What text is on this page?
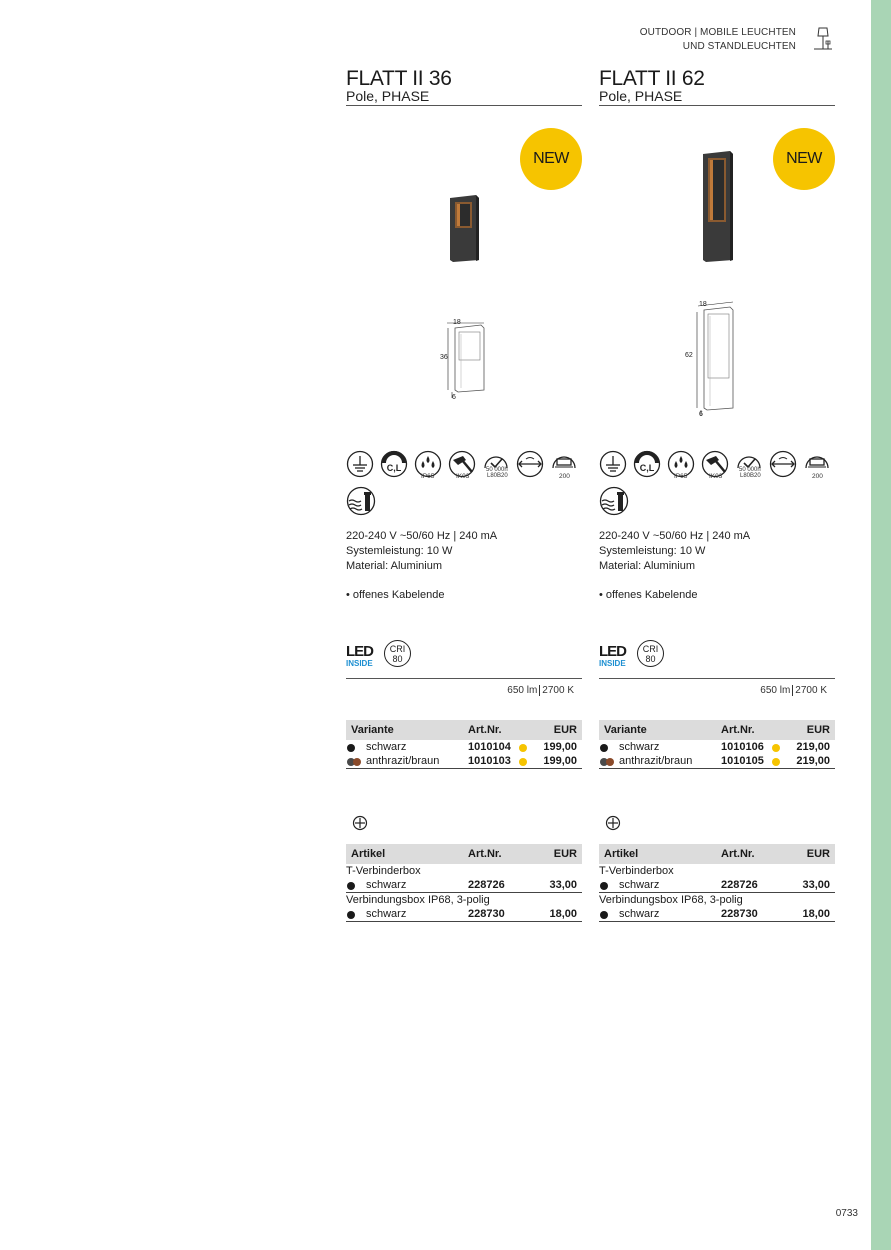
OUTDOOR | MOBILE LEUCHTEN
UND STANDLEUCHTEN
FLATT II 36
Pole, PHASE
NEW
18
36
6
C,L
IP65	IK03
50 000h
L80B20	200
220-240 V ~50/60 Hz | 240 mA
Systemleistung: 10 W
Material: Aluminium
• offenes Kabelende
LED
INSIDE
CRI
80
650 lm 2700 K
Variante	Art.Nr.	EUR
schwarz	1010104	199,00
anthrazit/braun	1010103	199,00
Artikel	Art.Nr.	EUR
T-Verbinderbox
schwarz	228726	33,00
Verbindungsbox IP68, 3-polig
schwarz	228730	18,00
FLATT II 62
Pole, PHASE
NEW
18
62
6
C,L
IP65	IK03
50 000h
L80B20	200
220-240 V ~50/60 Hz | 240 mA
Systemleistung: 10 W
Material: Aluminium
• offenes Kabelende
LED
INSIDE
CRI
80
650 lm 2700 K
Variante	Art.Nr.	EUR
schwarz	1010106	219,00
anthrazit/braun	1010105	219,00
Artikel	Art.Nr.	EUR
T-Verbinderbox
schwarz	228726	33,00
Verbindungsbox IP68, 3-polig
schwarz	228730	18,00
0733
